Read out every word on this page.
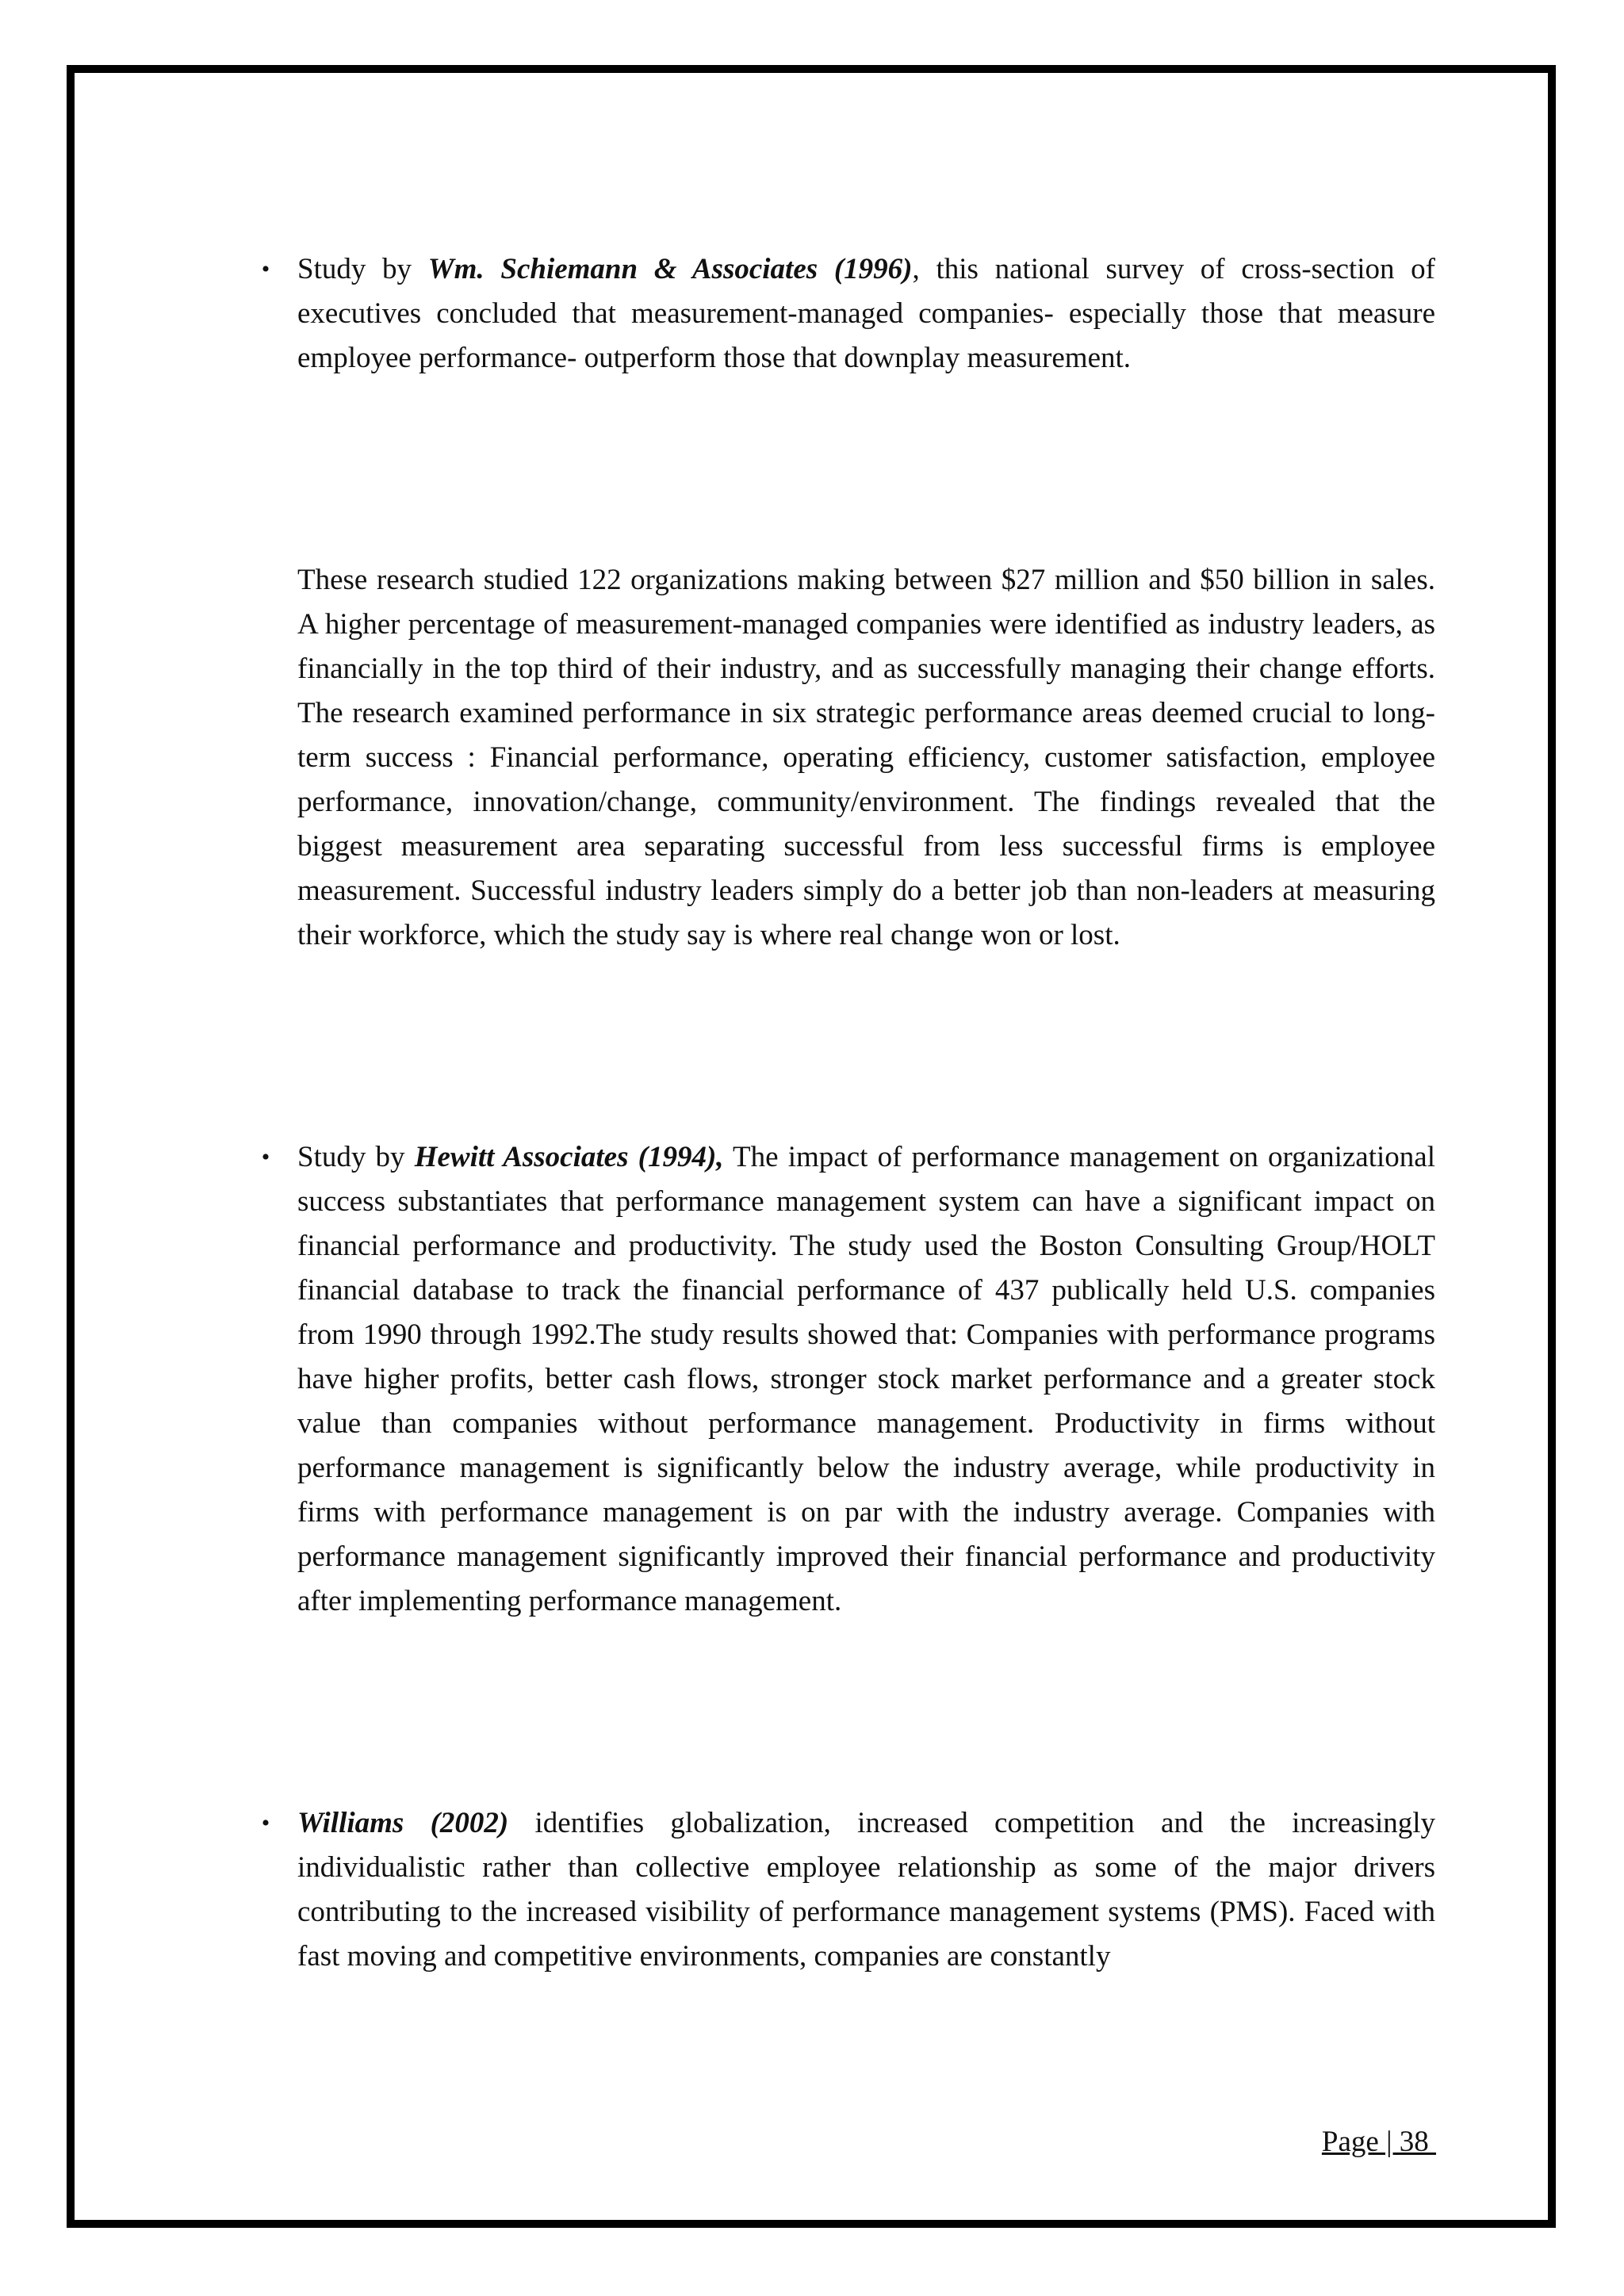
• Study by Wm. Schiemann & Associates (1996), this national survey of cross-section of executives concluded that measurement-managed companies- especially those that measure employee performance- outperform those that downplay measurement.

These research studied 122 organizations making between $27 million and $50 billion in sales. A higher percentage of measurement-managed companies were identified as industry leaders, as financially in the top third of their industry, and as successfully managing their change efforts. The research examined performance in six strategic performance areas deemed crucial to long-term success : Financial performance, operating efficiency, customer satisfaction, employee performance, innovation/change, community/environment. The findings revealed that the biggest measurement area separating successful from less successful firms is employee measurement. Successful industry leaders simply do a better job than non-leaders at measuring their workforce, which the study say is where real change won or lost.

• Study by Hewitt Associates (1994), The impact of performance management on organizational success substantiates that performance management system can have a significant impact on financial performance and productivity. The study used the Boston Consulting Group/HOLT financial database to track the financial performance of 437 publically held U.S. companies from 1990 through 1992.The study results showed that: Companies with performance programs have higher profits, better cash flows, stronger stock market performance and a greater stock value than companies without performance management. Productivity in firms without performance management is significantly below the industry average, while productivity in firms with performance management is on par with the industry average. Companies with performance management significantly improved their financial performance and productivity after implementing performance management.

• Williams (2002) identifies globalization, increased competition and the increasingly individualistic rather than collective employee relationship as some of the major drivers contributing to the increased visibility of performance management systems (PMS). Faced with fast moving and competitive environments, companies are constantly

Page | 38
